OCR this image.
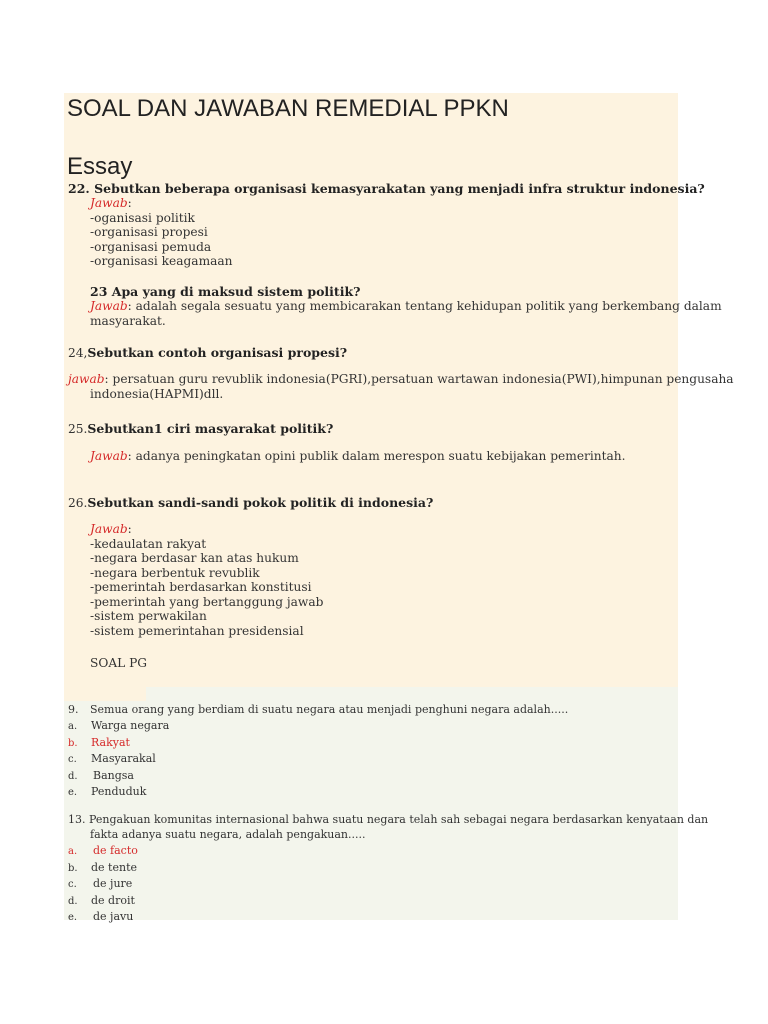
SOAL DAN JAWABAN REMEDIAL PPKN
Essay
22. Sebutkan beberapa organisasi kemasyarakatan yang menjadi infra struktur indonesia?
Jawab:
-oganisasi politik
-organisasi propesi
-organisasi pemuda
-organisasi keagamaan
23 Apa yang di maksud sistem politik?
Jawab: adalah segala sesuatu yang membicarakan tentang kehidupan politik yang berkembang dalam
masyarakat.
24,Sebutkan contoh organisasi propesi?
jawab: persatuan guru revublik indonesia(PGRI),persatuan wartawan indonesia(PWI),himpunan pengusaha
indonesia(HAPMI)dll.
25.Sebutkan1 ciri masyarakat politik?
Jawab: adanya peningkatan opini publik dalam merespon suatu kebijakan pemerintah.
26.Sebutkan sandi-sandi pokok politik di indonesia?
Jawab:
-kedaulatan rakyat
-negara berdasar kan atas hukum
-negara berbentuk revublik
-pemerintah berdasarkan konstitusi
-pemerintah yang bertanggung jawab
-sistem perwakilan
-sistem pemerintahan presidensial
SOAL PG
9. Semua orang yang berdiam di suatu negara atau menjadi penghuni negara adalah.....
a. Warga negara
b. Rakyat
c. Masyarakal
d. Bangsa
e. Penduduk
13. Pengakuan komunitas internasional bahwa suatu negara telah sah sebagai negara berdasarkan kenyataan dan
fakta adanya suatu negara, adalah pengakuan.....
a. de facto
b. de tente
c. de jure
d. de droit
e. de javu
